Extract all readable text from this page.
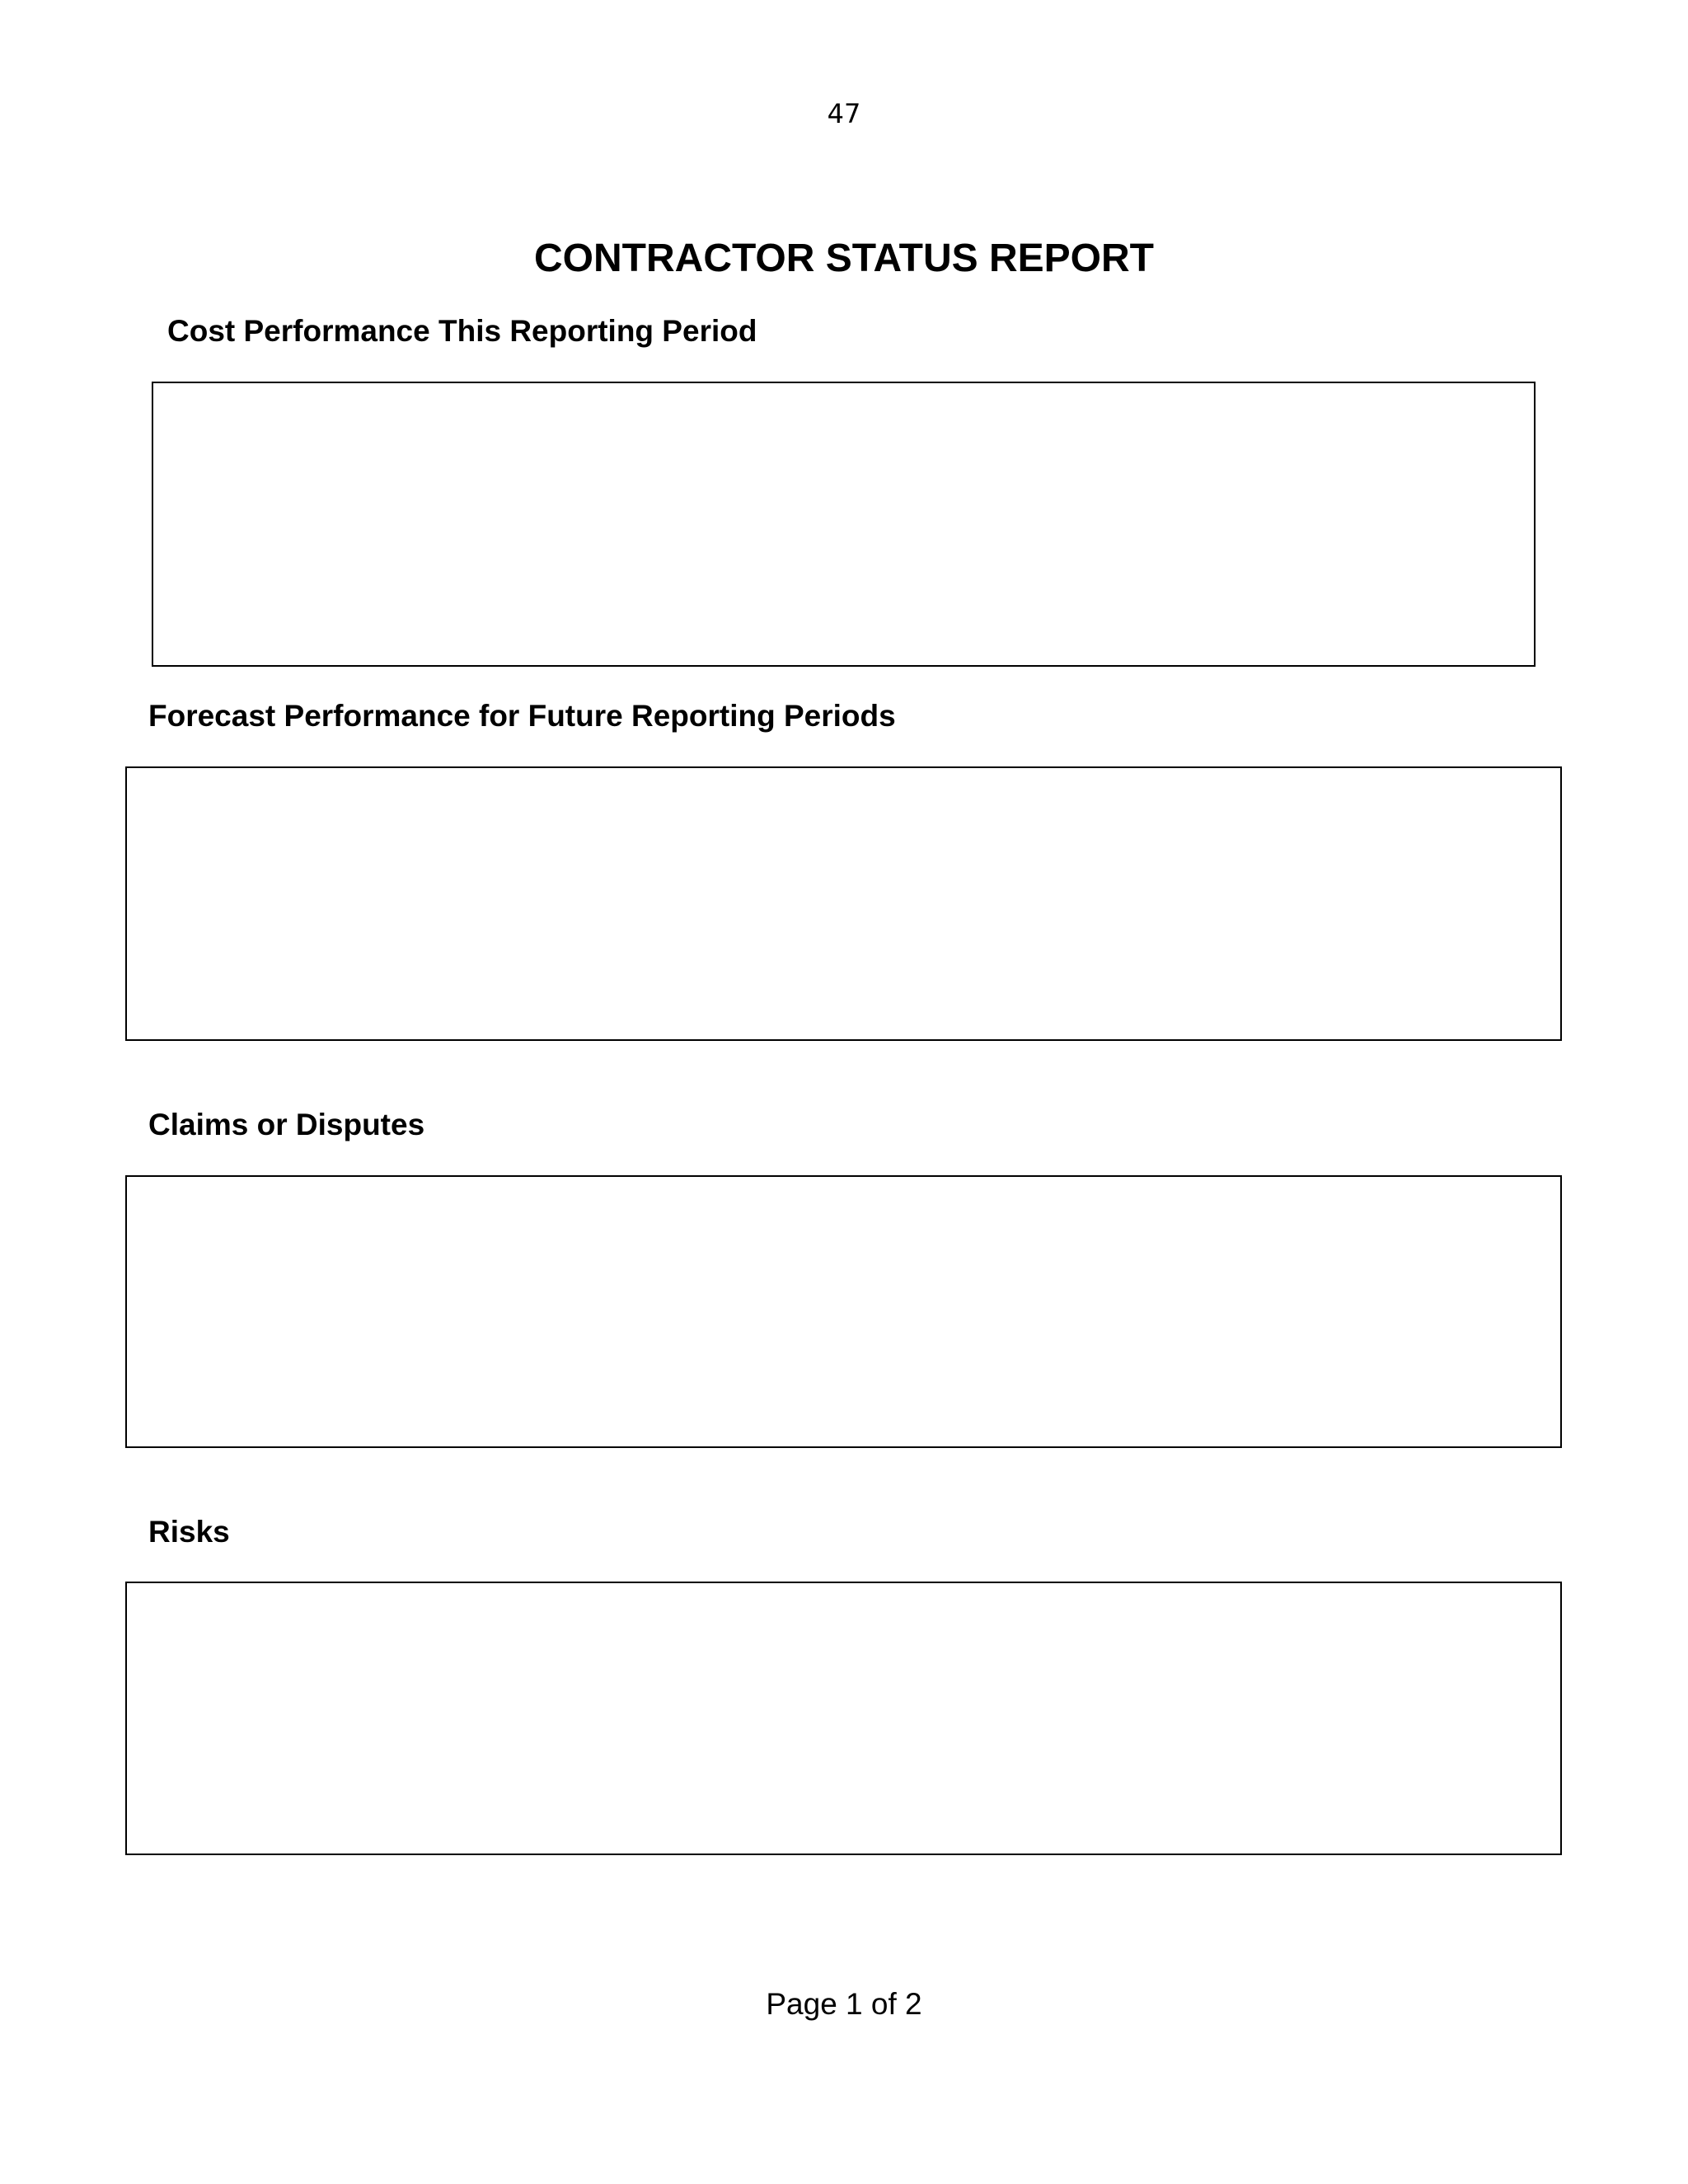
47
CONTRACTOR STATUS REPORT
Cost Performance This Reporting Period
Forecast Performance for Future Reporting Periods
Claims or Disputes
Risks
Page 1 of 2
